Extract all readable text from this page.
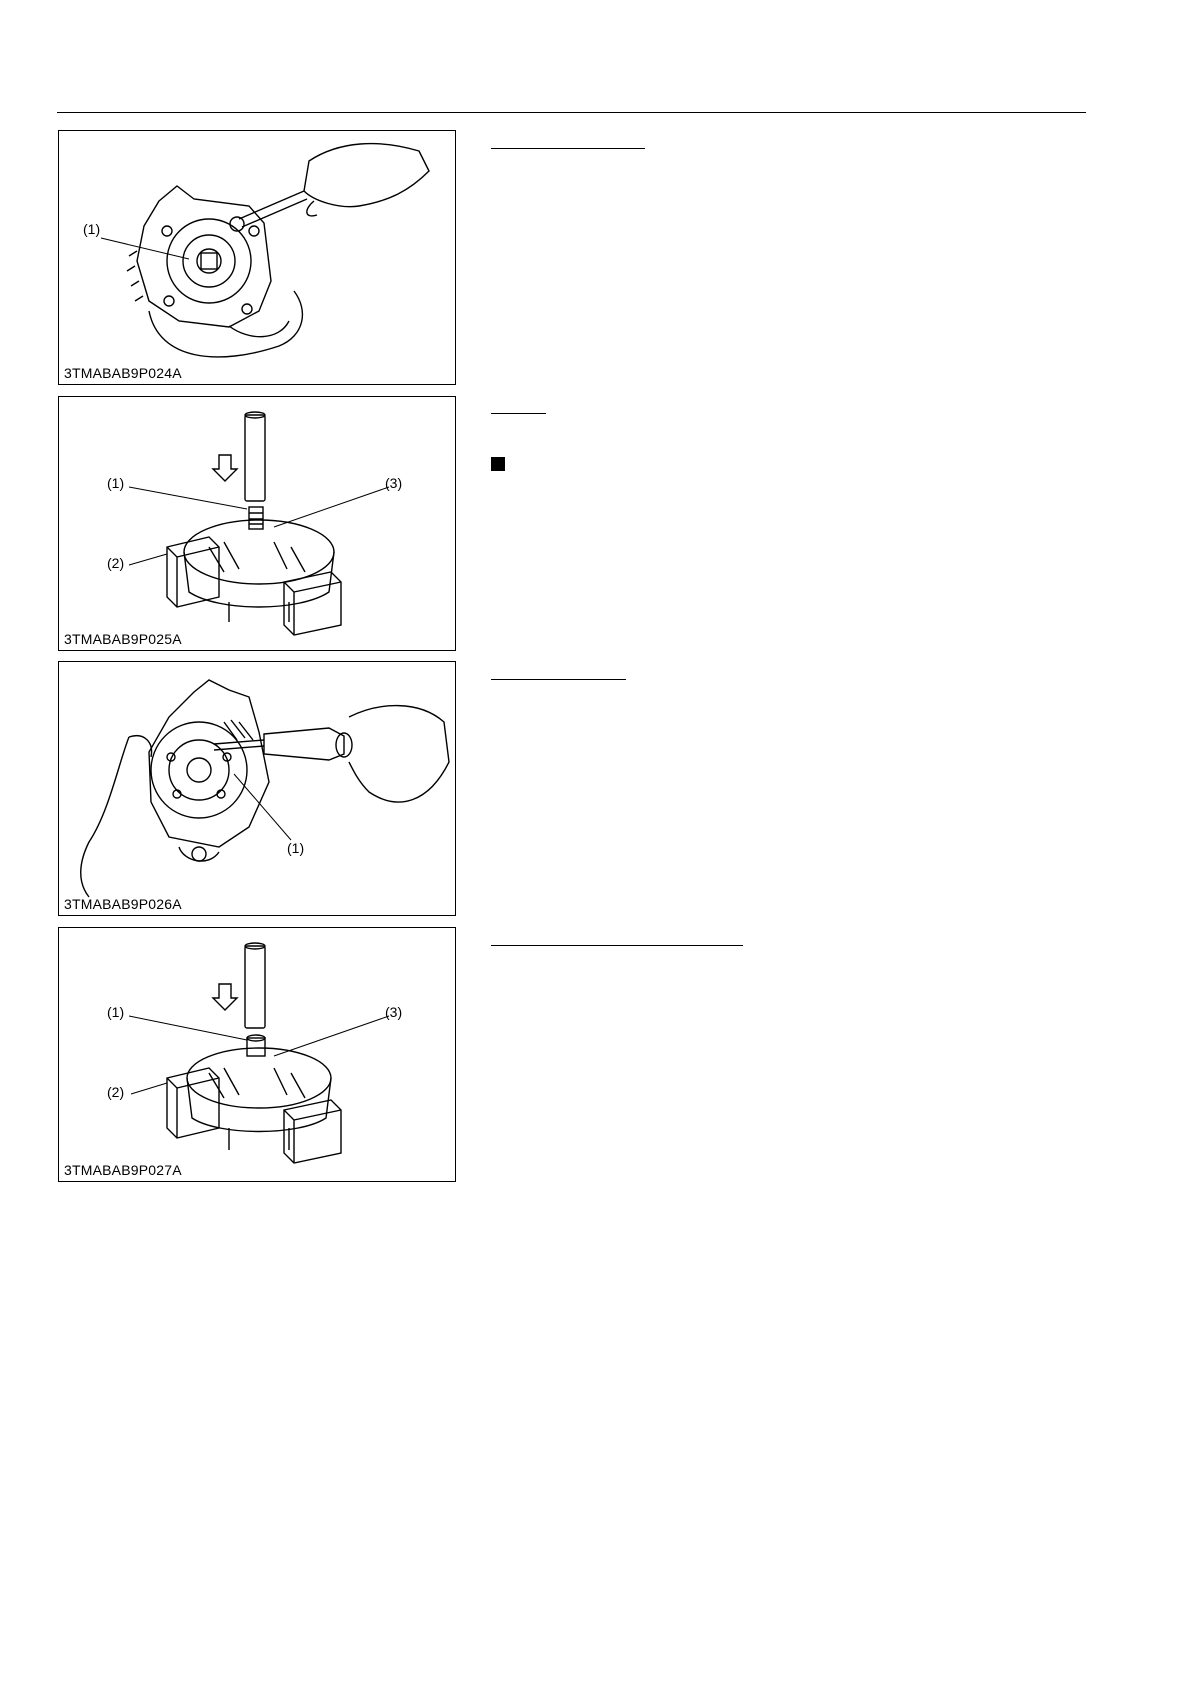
(1)
3TMABAB9P024A
(1)
(2)
(3)
3TMABAB9P025A
(1)
3TMABAB9P026A
(1)
(2)
(3)
3TMABAB9P027A
